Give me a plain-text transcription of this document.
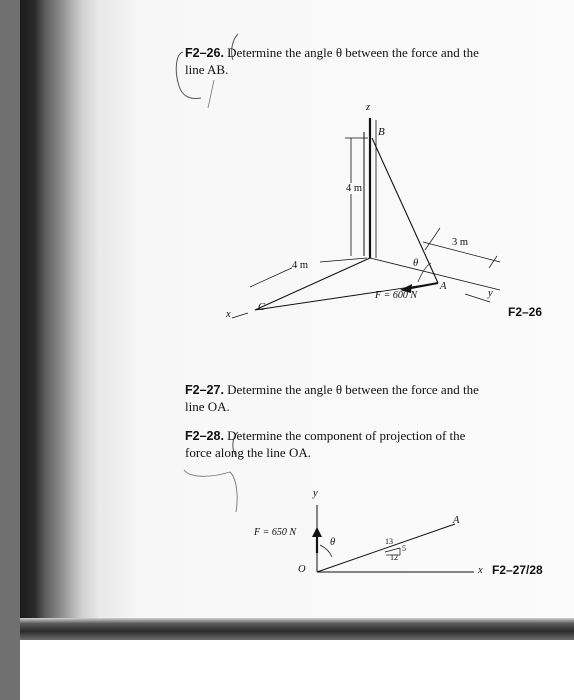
F2–26. Determine the angle θ between the force and the
line AB.
z
B
4 m
3 m
4 m	θ
A
F = 600 N	y
x
C	F2–26
F2–27. Determine the angle θ between the force and the
line OA.
F2–28. Determine the component of projection of the
force along the line OA.
y
F = 650 N
θ
A
O	x
13
5
12
F2–27/28
